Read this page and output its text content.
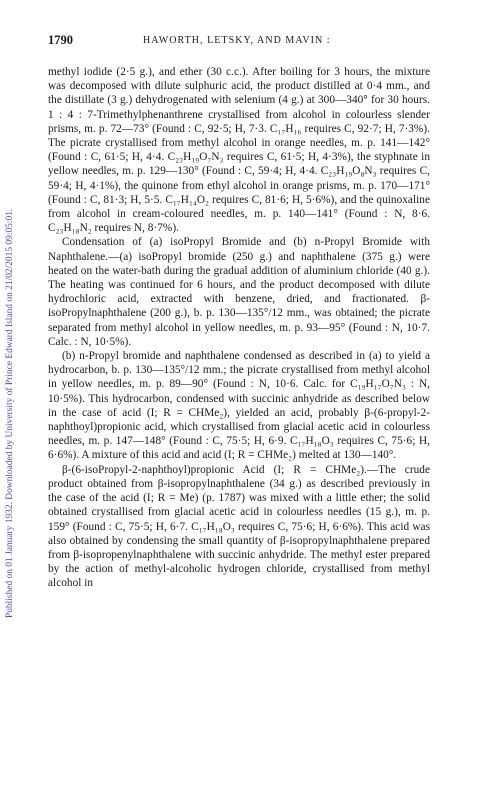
Published on 01 January 1932. Downloaded by University of Prince Edward Island on 21/02/2015 09:05:01.
1790	HAWORTH, LETSKY, AND MAVIN :

methyl iodide (2·5 g.), and ether (30 c.c.). After boiling for 3 hours, the mixture was decomposed with dilute sulphuric acid, the product distilled at 0·4 mm., and the distillate (3 g.) dehydrogenated with selenium (4 g.) at 300—340° for 30 hours. 1 : 4 : 7-Trimethylphenanthrene crystallised from alcohol in colourless slender prisms, m. p. 72—73° (Found : C, 92·5; H, 7·3. C₁₇H₁₆ requires C, 92·7; H, 7·3%). The picrate crystallised from methyl alcohol in orange needles, m. p. 141—142° (Found : C, 61·5; H, 4·4. C₂₃H₁₉O₇N₃ requires C, 61·5; H, 4·3%), the styphnate in yellow needles, m. p. 129—130° (Found : C, 59·4; H, 4·4. C₂₃H₁₉O₈N₃ requires C, 59·4; H, 4·1%), the quinone from ethyl alcohol in orange prisms, m. p. 170—171° (Found : C, 81·3; H, 5·5. C₁₇H₁₄O₂ requires C, 81·6; H, 5·6%), and the quinoxaline from alcohol in cream-coloured needles, m. p. 140—141° (Found : N, 8·6. C₂₃H₁₈N₂ requires N, 8·7%).

Condensation of (a) isoPropyl Bromide and (b) n-Propyl Bromide with Naphthalene.—(a) isoPropyl bromide (250 g.) and naphthalene (375 g.) were heated on the water-bath during the gradual addition of aluminium chloride (40 g.). The heating was continued for 6 hours, and the product decomposed with dilute hydrochloric acid, extracted with benzene, dried, and fractionated. β-isoPropylnaphthalene (200 g.), b. p. 130—135°/12 mm., was obtained; the picrate separated from methyl alcohol in yellow needles, m. p. 93—95° (Found : N, 10·7. Calc. : N, 10·5%).

(b) n-Propyl bromide and naphthalene condensed as described in (a) to yield a hydrocarbon, b. p. 130—135°/12 mm.; the picrate crystallised from methyl alcohol in yellow needles, m. p. 89—90° (Found : N, 10·6. Calc. for C₁₉H₁₇O₇N₃ : N, 10·5%). This hydrocarbon, condensed with succinic anhydride as described below in the case of acid (I; R = CHMe₂), yielded an acid, probably β-(6-propyl-2-naphthoyl)propionic acid, which crystallised from glacial acetic acid in colourless needles, m. p. 147—148° (Found : C, 75·5; H, 6·9. C₁₇H₁₈O₃ requires C, 75·6; H, 6·6%). A mixture of this acid and acid (I; R = CHMe₂) melted at 130—140°.

β-(6-isoPropyl-2-naphthoyl)propionic Acid (I; R = CHMe₂).—The crude product obtained from β-isopropylnaphthalene (34 g.) as described previously in the case of the acid (I; R = Me) (p. 1787) was mixed with a little ether; the solid obtained crystallised from glacial acetic acid in colourless needles (15 g.), m. p. 159° (Found : C, 75·5; H, 6·7. C₁₇H₁₈O₃ requires C, 75·6; H, 6·6%). This acid was also obtained by condensing the small quantity of β-isopropylnaphthalene prepared from β-isopropenylnaphthalene with succinic anhydride. The methyl ester prepared by the action of methyl-alcoholic hydrogen chloride, crystallised from methyl alcohol in
